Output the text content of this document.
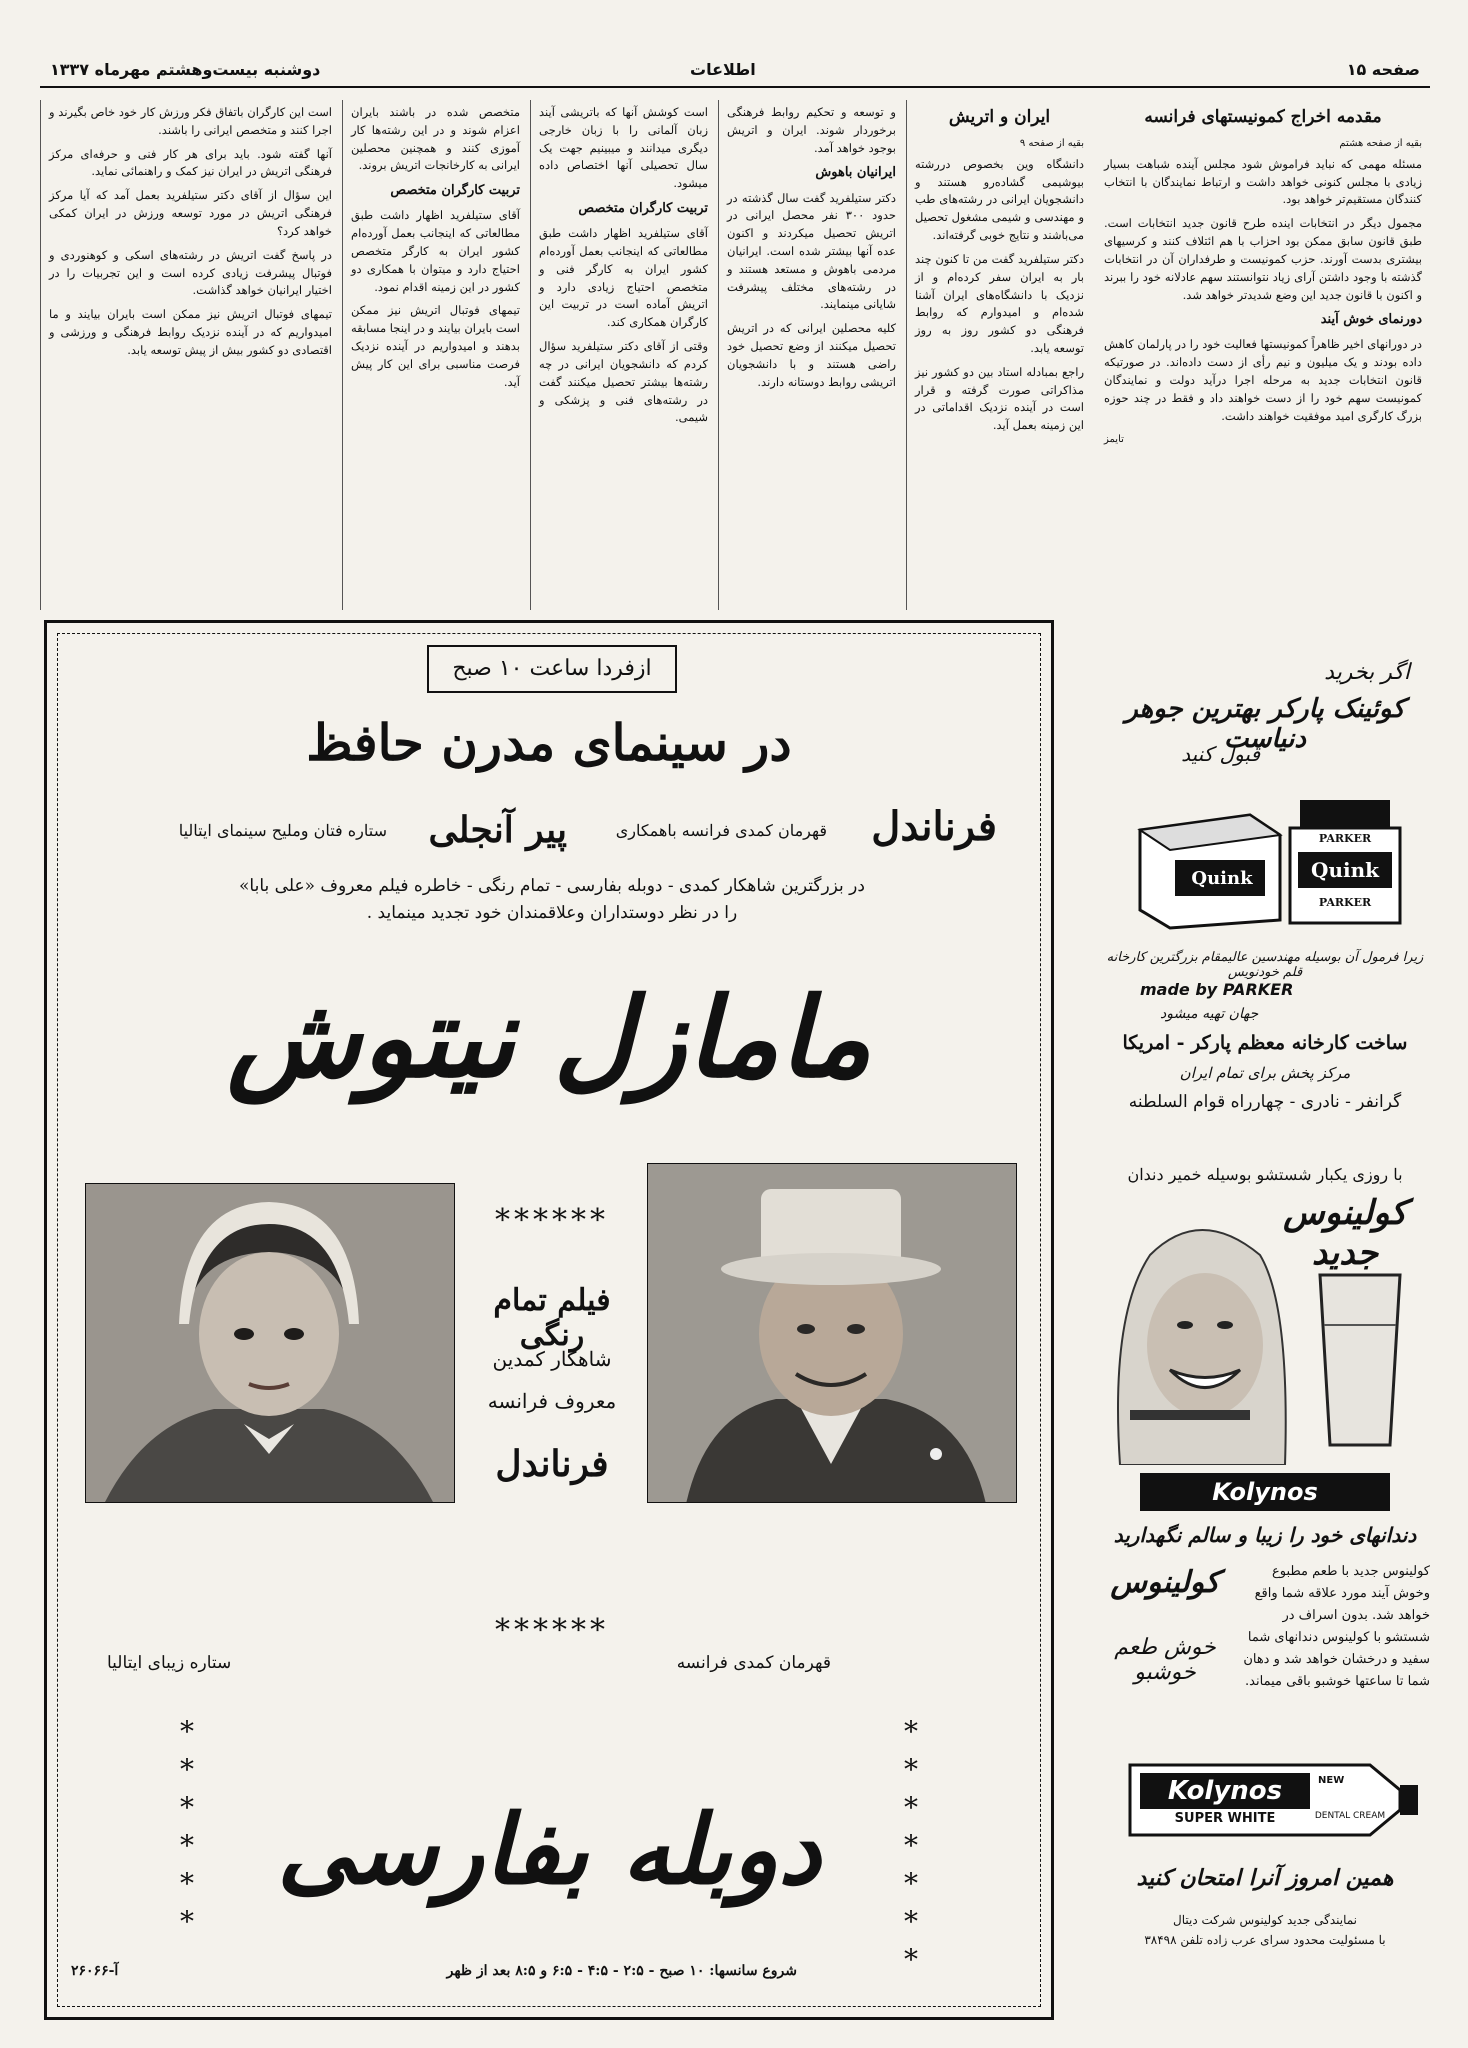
صفحه ۱۵
اطلاعات
دوشنبه بیست‌وهشتم مهرماه ۱۳۳۷
مقدمه اخراج کمونیستهای فرانسه
بقیه از صفحه هشتم

مسئله مهمی که نباید فراموش شود مجلس آینده شباهت بسیار زیادی با مجلس کنونی خواهد داشت و ارتباط نمایندگان با انتخاب کنندگان مستقیم‌تر خواهد بود.

مجمول دیگر در انتخابات اینده طرح قانون جدید انتخابات است. طبق قانون سابق ممکن بود احزاب با هم ائتلاف کنند و کرسیهای بیشتری بدست آورند. حزب کمونیست و طرفداران آن در انتخابات گذشته با وجود داشتن آرای زیاد نتوانستند سهم عادلانه خود را ببرند و اکنون با قانون جدید این وضع شدیدتر خواهد شد.

دورنمای خوش آیند

در دورانهای اخیر ظاهراً کمونیستها فعالیت خود را در پارلمان کاهش داده بودند و یک میلیون و نیم رأی از دست داده‌اند. در صورتیکه قانون انتخابات جدید به مرحله اجرا درآید دولت و نمایندگان کمونیست سهم خود را از دست خواهند داد و فقط در چند حوزه بزرگ کارگری امید موفقیت خواهند داشت.

تایمز
ایران و اتریش
بقیه از صفحه ۹

دانشگاه وین بخصوص دررشته بیوشیمی گشاده‌رو هستند و دانشجویان ایرانی در رشته‌های طب و مهندسی و شیمی مشغول تحصیل می‌باشند و نتایج خوبی گرفته‌اند.

دکتر ستیلفرید گفت من تا کنون چند بار به ایران سفر کرده‌ام و از نزدیک با دانشگاه‌های ایران آشنا شده‌ام و امیدوارم که روابط فرهنگی دو کشور روز به روز توسعه یابد.

راجع بمبادله استاد بین دو کشور نیز مذاکراتی صورت گرفته و قرار است در آینده نزدیک اقداماتی در این زمینه بعمل آید.

و توسعه و تحکیم روابط فرهنگی برخوردار شوند. ایران و اتریش بوجود خواهد آمد.

ایرانیان باهوش

دکتر ستیلفرید گفت سال گذشته در حدود ۳۰۰ نفر محصل ایرانی در اتریش تحصیل میکردند و اکنون عده آنها بیشتر شده است. ایرانیان مردمی باهوش و مستعد هستند و در رشته‌های مختلف پیشرفت شایانی مینمایند.

کلیه محصلین ایرانی که در اتریش تحصیل میکنند از وضع تحصیل خود راضی هستند و با دانشجویان اتریشی روابط دوستانه دارند.

است کوشش آنها که باتریشی آیند زبان آلمانی را با زبان خارجی دیگری میدانند و میبینیم جهت یک سال تحصیلی آنها اختصاص داده میشود.

تربیت کارگران متخصص

آقای ستیلفرید اظهار داشت طبق مطالعاتی که اینجانب بعمل آورده‌ام کشور ایران به کارگر فنی و متخصص احتیاج زیادی دارد و اتریش آماده است در تربیت این کارگران همکاری کند.

وقتی از آقای دکتر ستیلفرید سؤال کردم که دانشجویان ایرانی در چه رشته‌ها بیشتر تحصیل میکنند گفت در رشته‌های فنی و پزشکی و شیمی.

متخصص شده در باشند بایران اعزام شوند و در این رشته‌ها کار آموزی کنند و همچنین محصلین ایرانی به کارخانجات اتریش بروند.

تربیت کارگران متخصص

آقای ستیلفرید اظهار داشت طبق مطالعاتی که اینجانب بعمل آورده‌ام کشور ایران به کارگر متخصص احتیاج دارد و میتوان با همکاری دو کشور در این زمینه اقدام نمود.

تیمهای فوتبال اتریش نیز ممکن است بایران بیایند و در اینجا مسابقه بدهند و امیدواریم در آینده نزدیک فرصت مناسبی برای این کار پیش آید.

است این کارگران باتفاق فکر ورزش کار خود خاص بگیرند و اجرا کنند و متخصص ایرانی را باشند.

آنها گفته شود. باید برای هر کار فنی و حرفه‌ای مرکز فرهنگی اتریش در ایران نیز کمک و راهنمائی نماید.

این سؤال از آقای دکتر ستیلفرید بعمل آمد که آیا مرکز فرهنگی اتریش در مورد توسعه ورزش در ایران کمکی خواهد کرد؟

در پاسخ گفت اتریش در رشته‌های اسکی و کوهنوردی و فوتبال پیشرفت زیادی کرده است و این تجربیات را در اختیار ایرانیان خواهد گذاشت.

تیمهای فوتبال اتریش نیز ممکن است بایران بیایند و ما امیدواریم که در آینده نزدیک روابط فرهنگی و ورزشی و اقتصادی دو کشور بیش از پیش توسعه یابد.

ازفردا ساعت ۱۰ صبح
در سینمای مدرن حافظ
فرناندل
قهرمان کمدی فرانسه باهمکاری
پیر آنجلی
ستاره فتان وملیح سینمای ایتالیا
در بزرگترین شاهکار کمدی - دوبله بفارسی - تمام رنگی - خاطره فیلم معروف «علی بابا»
را در نظر دوستداران وعلاقمندان خود تجدید مینماید .
مامازل نیتوش
******
فیلم تمام رنگی
شاهکار کمدین
معروف فرانسه
فرناندل
******
ستاره زیبای ایتالیا	قهرمان کمدی فرانسه
*
*
*
*
*
*
*
*
*
*
*
*
*
دوبله بفارسی
شروع سانسها: ۱۰ صبح - ۲:۵ - ۴:۵ - ۶:۵ و ۸:۵ بعد از ظهر
آ-۲۶۰۶۶
اگر بخرید
کوئینک پارکر بهترین جوهر دنیاست
قبول کنید
Quink
PARKER
Quink
PARKER
زیرا فرمول آن بوسیله مهندسین عالیمقام بزرگترین کارخانه قلم خودنویس
made by PARKER
جهان تهیه میشود
ساخت کارخانه معظم پارکر - امریکا
مرکز پخش برای تمام ایران
گرانفر - نادری - چهارراه قوام السلطنه
با روزی یکبار شستشو بوسیله خمیر دندان
کولینوس جدید
Kolynos
دندانهای خود را زیبا و سالم نگهدارید
کولینوس جدید با طعم مطبوع وخوش آیند مورد علاقه شما واقع خواهد شد. بدون اسراف در شستشو با کولینوس دندانهای شما سفید و درخشان خواهد شد و دهان شما تا ساعتها خوشبو باقی میماند.
کولینوس
خوش طعم خوشبو
Kolynos
SUPER WHITE
NEW
DENTAL CREAM
همین امروز آنرا امتحان کنید
نمایندگی جدید کولینوس شرکت دیتال
با مسئولیت محدود سرای عرب زاده تلفن ۳۸۴۹۸
